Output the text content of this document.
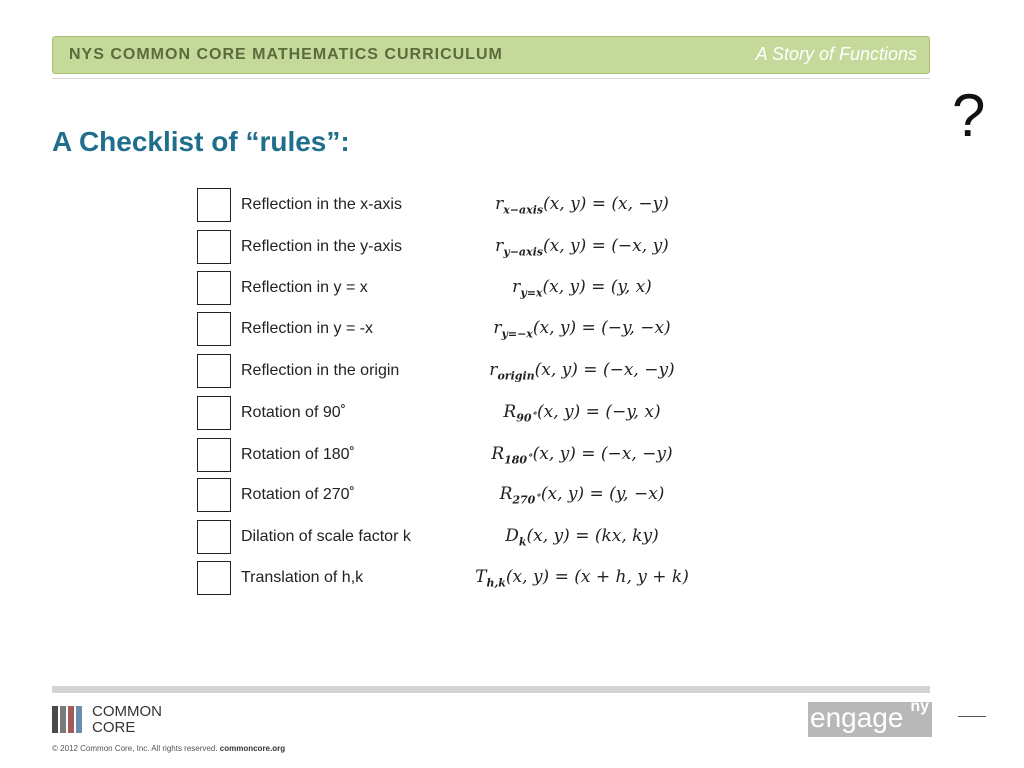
NYS COMMON CORE MATHEMATICS CURRICULUM	A Story of Functions
?
A Checklist of “rules”:
Reflection in the x-axis	$r_{x-axis}(x$, y) = (x, −y)
Reflection in the y-axis	$r_{y-axis}(x$, y) = (−x, y)
Reflection in y = x	$r_{y=x}(x$, y) = (y, x)
Reflection in y = -x	$r_{y=-x}(x$, y) = (−y, −x)
Reflection in the origin	$r_{origin}(x$, y) = (−x, −y)
Rotation of 90˚	$R_{90˚}(x$, y) = (−y, x)
Rotation of 180˚	$R_{180˚}(x$, y) = (−x, −y)
Rotation of 270˚	$R_{270˚}(x$, y) = (y, −x)
Dilation of scale factor k	$D_k(x$, y) = (kx, ky)
Translation of h,k	$T_{h,k}(x$, y) = (x + h, y + k)
COMMON
CORE
© 2012 Common Core, Inc. All rights reserved. commoncore.org
engage ny
